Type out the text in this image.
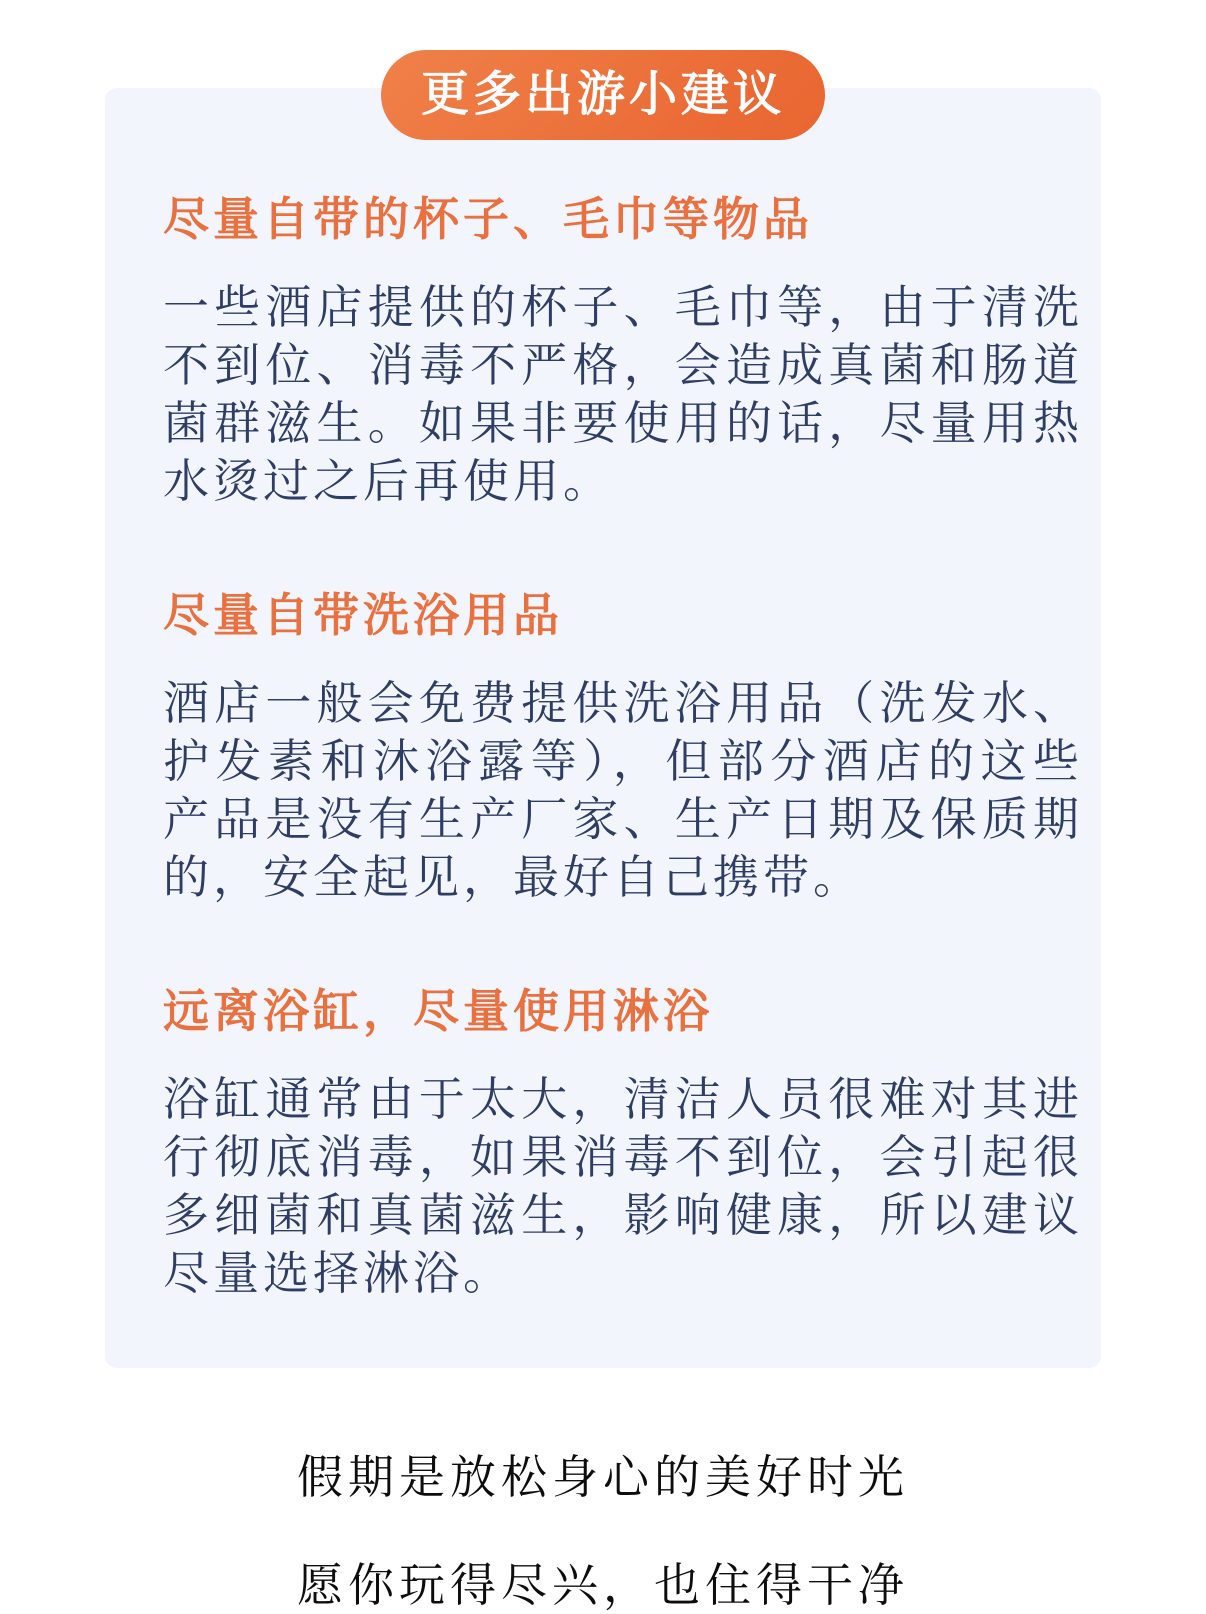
更多出游小建议
尽量自带的杯子、毛巾等物品
一些酒店提供的杯子、毛巾等，由于清洗不到位、消毒不严格，会造成真菌和肠道菌群滋生。如果非要使用的话，尽量用热水烫过之后再使用。
尽量自带洗浴用品
酒店一般会免费提供洗浴用品（洗发水、护发素和沐浴露等），但部分酒店的这些产品是没有生产厂家、生产日期及保质期的，安全起见，最好自己携带。
远离浴缸，尽量使用淋浴
浴缸通常由于太大，清洁人员很难对其进行彻底消毒，如果消毒不到位，会引起很多细菌和真菌滋生，影响健康，所以建议尽量选择淋浴。
假期是放松身心的美好时光
愿你玩得尽兴，也住得干净
